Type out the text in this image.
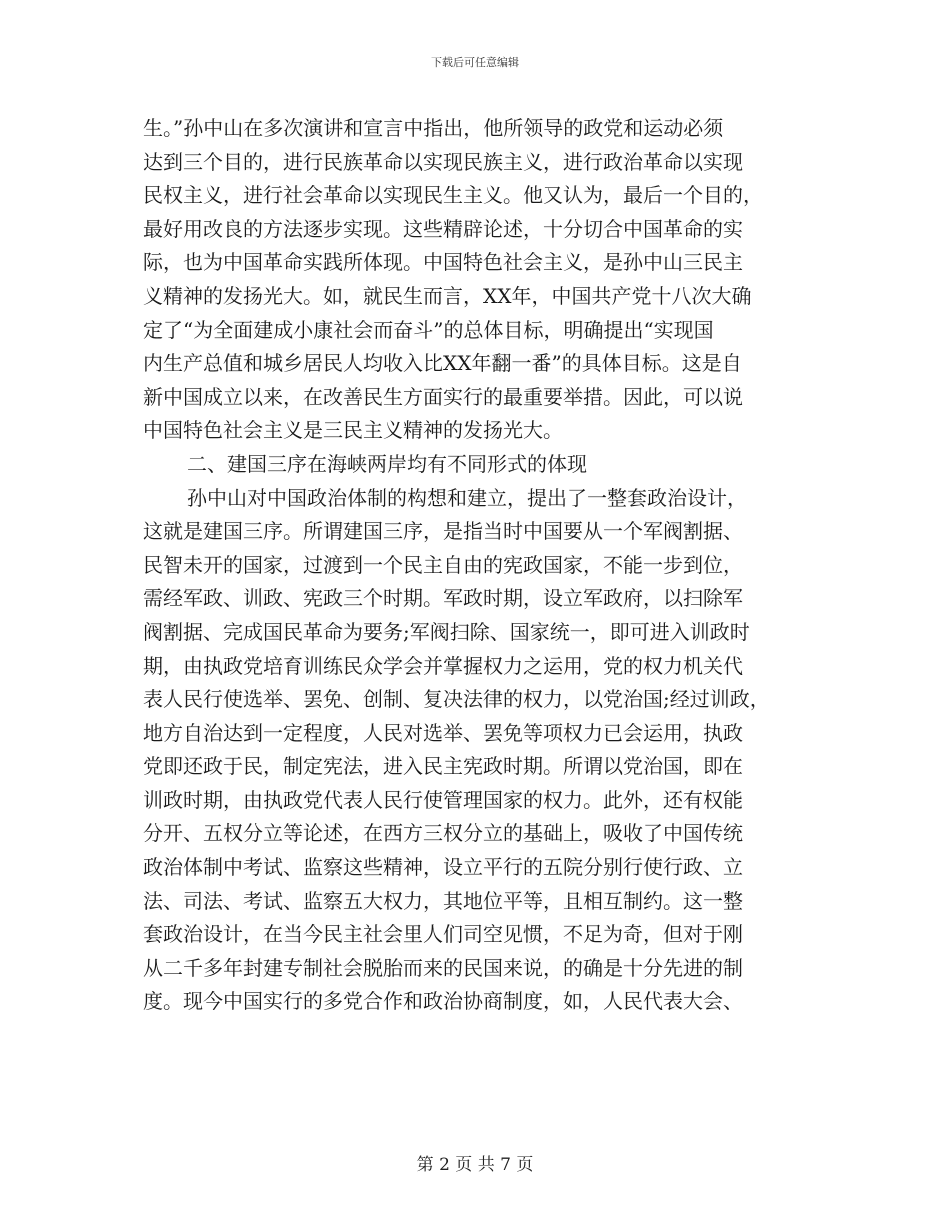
下载后可任意编辑
生。”孙中山在多次演讲和宣言中指出，他所领导的政党和运动必须
达到三个目的，进行民族革命以实现民族主义，进行政治革命以实现
民权主义，进行社会革命以实现民生主义。他又认为，最后一个目的，
最好用改良的方法逐步实现。这些精辟论述，十分切合中国革命的实
际，也为中国革命实践所体现。中国特色社会主义，是孙中山三民主
义精神的发扬光大。如，就民生而言，XX年，中国共产党十八次大确
定了“为全面建成小康社会而奋斗”的总体目标，明确提出“实现国
内生产总值和城乡居民人均收入比XX年翻一番”的具体目标。这是自
新中国成立以来，在改善民生方面实行的最重要举措。因此，可以说
中国特色社会主义是三民主义精神的发扬光大。
二、建国三序在海峡两岸均有不同形式的体现
孙中山对中国政治体制的构想和建立，提出了一整套政治设计，
这就是建国三序。所谓建国三序，是指当时中国要从一个军阀割据、
民智未开的国家，过渡到一个民主自由的宪政国家，不能一步到位，
需经军政、训政、宪政三个时期。军政时期，设立军政府，以扫除军
阀割据、完成国民革命为要务;军阀扫除、国家统一，即可进入训政时
期，由执政党培育训练民众学会并掌握权力之运用，党的权力机关代
表人民行使选举、罢免、创制、复决法律的权力，以党治国;经过训政，
地方自治达到一定程度，人民对选举、罢免等项权力已会运用，执政
党即还政于民，制定宪法，进入民主宪政时期。所谓以党治国，即在
训政时期，由执政党代表人民行使管理国家的权力。此外，还有权能
分开、五权分立等论述，在西方三权分立的基础上，吸收了中国传统
政治体制中考试、监察这些精神，设立平行的五院分别行使行政、立
法、司法、考试、监察五大权力，其地位平等，且相互制约。这一整
套政治设计，在当今民主社会里人们司空见惯，不足为奇，但对于刚
从二千多年封建专制社会脱胎而来的民国来说，的确是十分先进的制
度。现今中国实行的多党合作和政治协商制度，如，人民代表大会、
第 2 页 共 7 页
